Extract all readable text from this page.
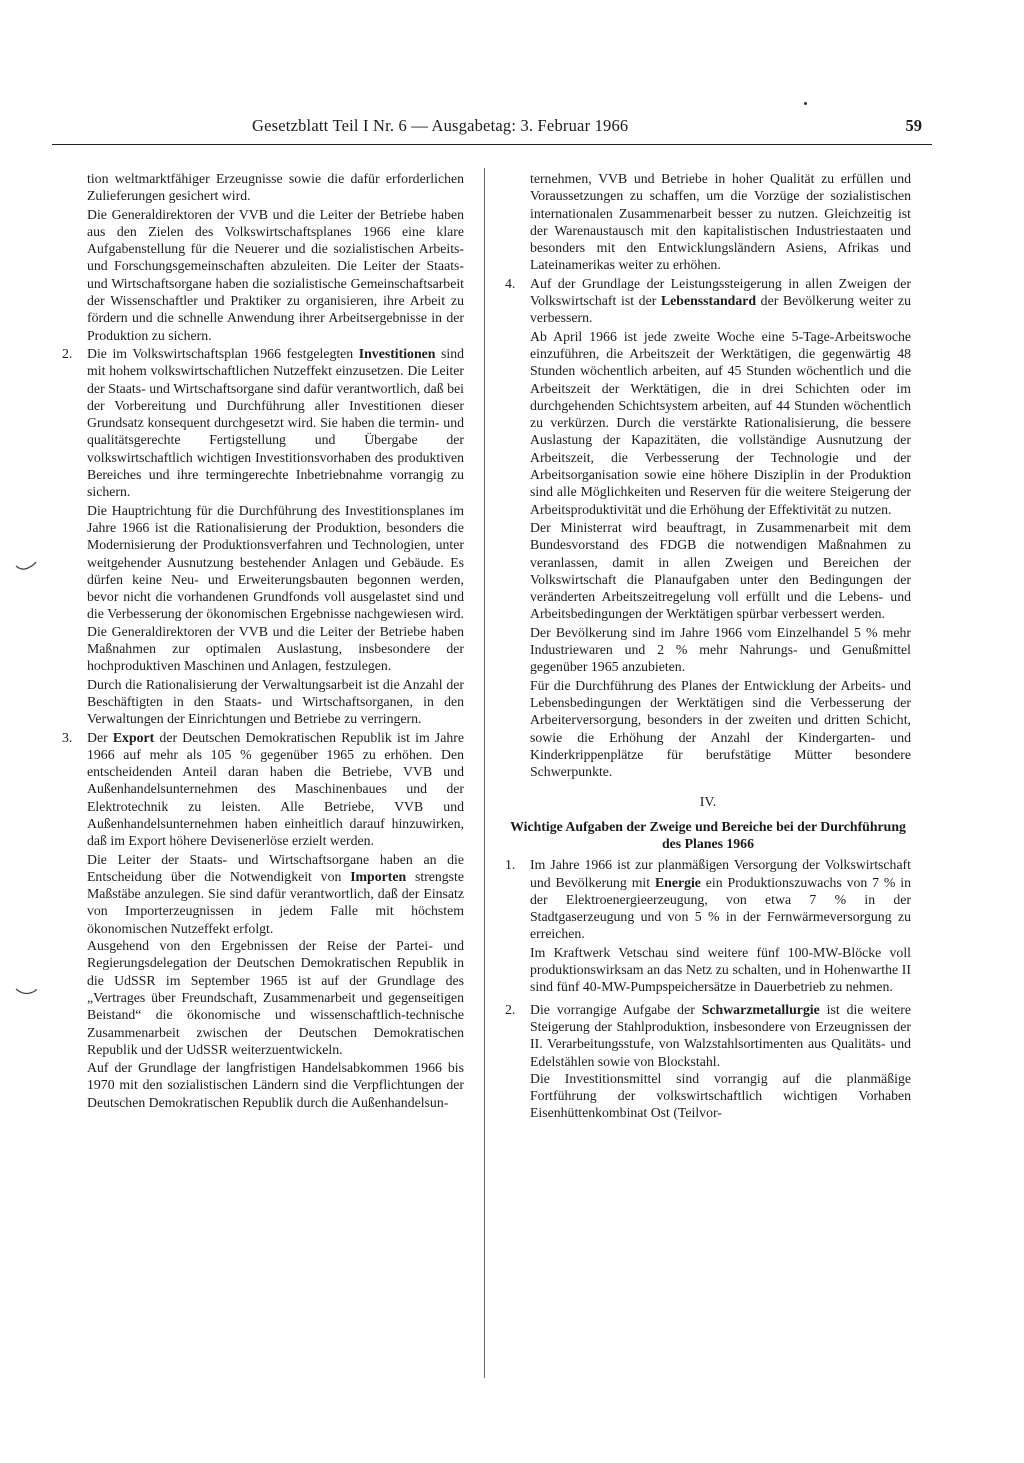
Gesetzblatt Teil I Nr. 6 — Ausgabetag: 3. Februar 1966	59

tion weltmarktfähiger Erzeugnisse sowie die dafür erforderlichen Zulieferungen gesichert wird.

Die Generaldirektoren der VVB und die Leiter der Betriebe haben aus den Zielen des Volkswirtschaftsplanes 1966 eine klare Aufgabenstellung für die Neuerer und die sozialistischen Arbeits- und Forschungsgemeinschaften abzuleiten. Die Leiter der Staats- und Wirtschaftsorgane haben die sozialistische Gemeinschaftsarbeit der Wissenschaftler und Praktiker zu organisieren, ihre Arbeit zu fördern und die schnelle Anwendung ihrer Arbeitsergebnisse in der Produktion zu sichern.

2. Die im Volkswirtschaftsplan 1966 festgelegten Investitionen sind mit hohem volkswirtschaftlichen Nutzeffekt einzusetzen. Die Leiter der Staats- und Wirtschaftsorgane sind dafür verantwortlich, daß bei der Vorbereitung und Durchführung aller Investitionen dieser Grundsatz konsequent durchgesetzt wird. Sie haben die termin- und qualitätsgerechte Fertigstellung und Übergabe der volkswirtschaftlich wichtigen Investitionsvorhaben des produktiven Bereiches und ihre termingerechte Inbetriebnahme vorrangig zu sichern.

Die Hauptrichtung für die Durchführung des Investitionsplanes im Jahre 1966 ist die Rationalisierung der Produktion, besonders die Modernisierung der Produktionsverfahren und Technologien, unter weitgehender Ausnutzung bestehender Anlagen und Gebäude. Es dürfen keine Neu- und Erweiterungsbauten begonnen werden, bevor nicht die vorhandenen Grundfonds voll ausgelastet sind und die Verbesserung der ökonomischen Ergebnisse nachgewiesen wird. Die Generaldirektoren der VVB und die Leiter der Betriebe haben Maßnahmen zur optimalen Auslastung, insbesondere der hochproduktiven Maschinen und Anlagen, festzulegen.

Durch die Rationalisierung der Verwaltungsarbeit ist die Anzahl der Beschäftigten in den Staats- und Wirtschaftsorganen, in den Verwaltungen der Einrichtungen und Betriebe zu verringern.

3. Der Export der Deutschen Demokratischen Republik ist im Jahre 1966 auf mehr als 105 % gegenüber 1965 zu erhöhen. Den entscheidenden Anteil daran haben die Betriebe, VVB und Außenhandelsunternehmen des Maschinenbaues und der Elektrotechnik zu leisten. Alle Betriebe, VVB und Außenhandelsunternehmen haben einheitlich darauf hinzuwirken, daß im Export höhere Devisenerlöse erzielt werden.

Die Leiter der Staats- und Wirtschaftsorgane haben an die Entscheidung über die Notwendigkeit von Importen strengste Maßstäbe anzulegen. Sie sind dafür verantwortlich, daß der Einsatz von Importerzeugnissen in jedem Falle mit höchstem ökonomischen Nutzeffekt erfolgt.

Ausgehend von den Ergebnissen der Reise der Partei- und Regierungsdelegation der Deutschen Demokratischen Republik in die UdSSR im September 1965 ist auf der Grundlage des „Vertrages über Freundschaft, Zusammenarbeit und gegenseitigen Beistand“ die ökonomische und wissenschaftlich-technische Zusammenarbeit zwischen der Deutschen Demokratischen Republik und der UdSSR weiterzuentwickeln.

Auf der Grundlage der langfristigen Handelsabkommen 1966 bis 1970 mit den sozialistischen Ländern sind die Verpflichtungen der Deutschen Demokratischen Republik durch die Außenhandelsun-

ternehmen, VVB und Betriebe in hoher Qualität zu erfüllen und Voraussetzungen zu schaffen, um die Vorzüge der sozialistischen internationalen Zusammenarbeit besser zu nutzen. Gleichzeitig ist der Warenaustausch mit den kapitalistischen Industriestaaten und besonders mit den Entwicklungsländern Asiens, Afrikas und Lateinamerikas weiter zu erhöhen.

4. Auf der Grundlage der Leistungssteigerung in allen Zweigen der Volkswirtschaft ist der Lebensstandard der Bevölkerung weiter zu verbessern.

Ab April 1966 ist jede zweite Woche eine 5-Tage-Arbeitswoche einzuführen, die Arbeitszeit der Werktätigen, die gegenwärtig 48 Stunden wöchentlich arbeiten, auf 45 Stunden wöchentlich und die Arbeitszeit der Werktätigen, die in drei Schichten oder im durchgehenden Schichtsystem arbeiten, auf 44 Stunden wöchentlich zu verkürzen. Durch die verstärkte Rationalisierung, die bessere Auslastung der Kapazitäten, die vollständige Ausnutzung der Arbeitszeit, die Verbesserung der Technologie und der Arbeitsorganisation sowie eine höhere Disziplin in der Produktion sind alle Möglichkeiten und Reserven für die weitere Steigerung der Arbeitsproduktivität und die Erhöhung der Effektivität zu nutzen.

Der Ministerrat wird beauftragt, in Zusammenarbeit mit dem Bundesvorstand des FDGB die notwendigen Maßnahmen zu veranlassen, damit in allen Zweigen und Bereichen der Volkswirtschaft die Planaufgaben unter den Bedingungen der veränderten Arbeitszeitregelung voll erfüllt und die Lebens- und Arbeitsbedingungen der Werktätigen spürbar verbessert werden.

Der Bevölkerung sind im Jahre 1966 vom Einzelhandel 5 % mehr Industriewaren und 2 % mehr Nahrungs- und Genußmittel gegenüber 1965 anzubieten.

Für die Durchführung des Planes der Entwicklung der Arbeits- und Lebensbedingungen der Werktätigen sind die Verbesserung der Arbeiterversorgung, besonders in der zweiten und dritten Schicht, sowie die Erhöhung der Anzahl der Kindergarten- und Kinderkrippenplätze für berufstätige Mütter besondere Schwerpunkte.

IV.
Wichtige Aufgaben der Zweige und Bereiche bei der Durchführung des Planes 1966
1. Im Jahre 1966 ist zur planmäßigen Versorgung der Volkswirtschaft und Bevölkerung mit Energie ein Produktionszuwachs von 7 % in der Elektroenergieerzeugung, von etwa 7 % in der Stadtgaserzeugung und von 5 % in der Fernwärmeversorgung zu erreichen.

Im Kraftwerk Vetschau sind weitere fünf 100-MW-Blöcke voll produktionswirksam an das Netz zu schalten, und in Hohenwarthe II sind fünf 40-MW-Pumpspeichersätze in Dauerbetrieb zu nehmen.

2. Die vorrangige Aufgabe der Schwarzmetallurgie ist die weitere Steigerung der Stahlproduktion, insbesondere von Erzeugnissen der II. Verarbeitungsstufe, von Walzstahlsortimenten aus Qualitäts- und Edelstählen sowie von Blockstahl.

Die Investitionsmittel sind vorrangig auf die planmäßige Fortführung der volkswirtschaftlich wichtigen Vorhaben Eisenhüttenkombinat Ost (Teilvor-
